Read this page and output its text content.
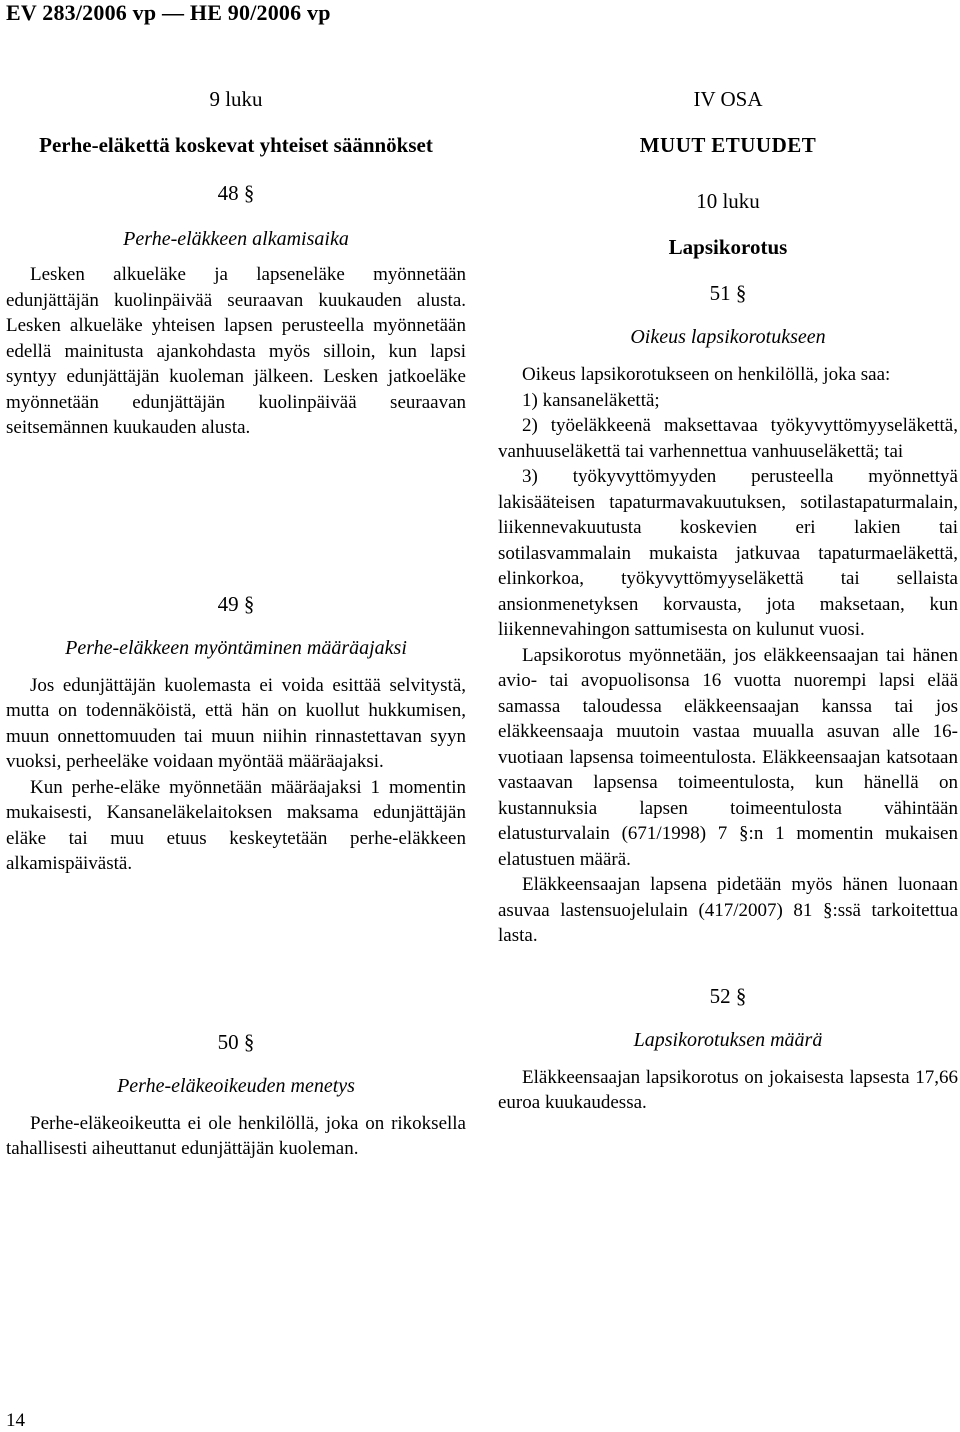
EV 283/2006 vp — HE 90/2006 vp
9 luku
Perhe-eläkettä koskevat yhteiset säännökset
48 §
Perhe-eläkkeen alkamisaika

Lesken alkueläke ja lapseneläke myönnetään edunjättäjän kuolinpäivää seuraavan kuukauden alusta. Lesken alkueläke yhteisen lapsen perusteella myönnetään edellä mainitusta ajankohdasta myös silloin, kun lapsi syntyy edunjättäjän kuoleman jälkeen. Lesken jatkoeläke myönnetään edunjättäjän kuolinpäivää seuraavan seitsemännen kuukauden alusta.

49 §
Perhe-eläkkeen myöntäminen määräajaksi

Jos edunjättäjän kuolemasta ei voida esittää selvitystä, mutta on todennäköistä, että hän on kuollut hukkumisen, muun onnettomuuden tai muun niihin rinnastettavan syyn vuoksi, perheeläke voidaan myöntää määräajaksi.

Kun perhe-eläke myönnetään määräajaksi 1 momentin mukaisesti, Kansaneläkelaitoksen maksama edunjättäjän eläke tai muu etuus keskeytetään perhe-eläkkeen alkamispäivästä.

50 §
Perhe-eläkeoikeuden menetys

Perhe-eläkeoikeutta ei ole henkilöllä, joka on rikoksella tahallisesti aiheuttanut edunjättäjän kuoleman.

IV OSA
MUUT ETUUDET
10 luku
Lapsikorotus
51 §
Oikeus lapsikorotukseen

Oikeus lapsikorotukseen on henkilöllä, joka saa:

1) kansaneläkettä;

2) työeläkkeenä maksettavaa työkyvyttömyyseläkettä, vanhuuseläkettä tai varhennettua vanhuuseläkettä; tai

3) työkyvyttömyyden perusteella myönnettyä lakisääteisen tapaturmavakuutuksen, sotilastapaturmalain, liikennevakuutusta koskevien eri lakien tai sotilasvammalain mukaista jatkuvaa tapaturmaeläkettä, elinkorkoa, työkyvyttömyyseläkettä tai sellaista ansionmenetyksen korvausta, jota maksetaan, kun liikennevahingon sattumisesta on kulunut vuosi.

Lapsikorotus myönnetään, jos eläkkeensaajan tai hänen avio- tai avopuolisonsa 16 vuotta nuorempi lapsi elää samassa taloudessa eläkkeensaajan kanssa tai jos eläkkeensaaja muutoin vastaa muualla asuvan alle 16-vuotiaan lapsensa toimeentulosta. Eläkkeensaajan katsotaan vastaavan lapsensa toimeentulosta, kun hänellä on kustannuksia lapsen toimeentulosta vähintään elatusturvalain (671/1998) 7 §:n 1 momentin mukaisen elatustuen määrä.

Eläkkeensaajan lapsena pidetään myös hänen luonaan asuvaa lastensuojelulain (417/2007) 81 §:ssä tarkoitettua lasta.

52 §
Lapsikorotuksen määrä

Eläkkeensaajan lapsikorotus on jokaisesta lapsesta 17,66 euroa kuukaudessa.

14
